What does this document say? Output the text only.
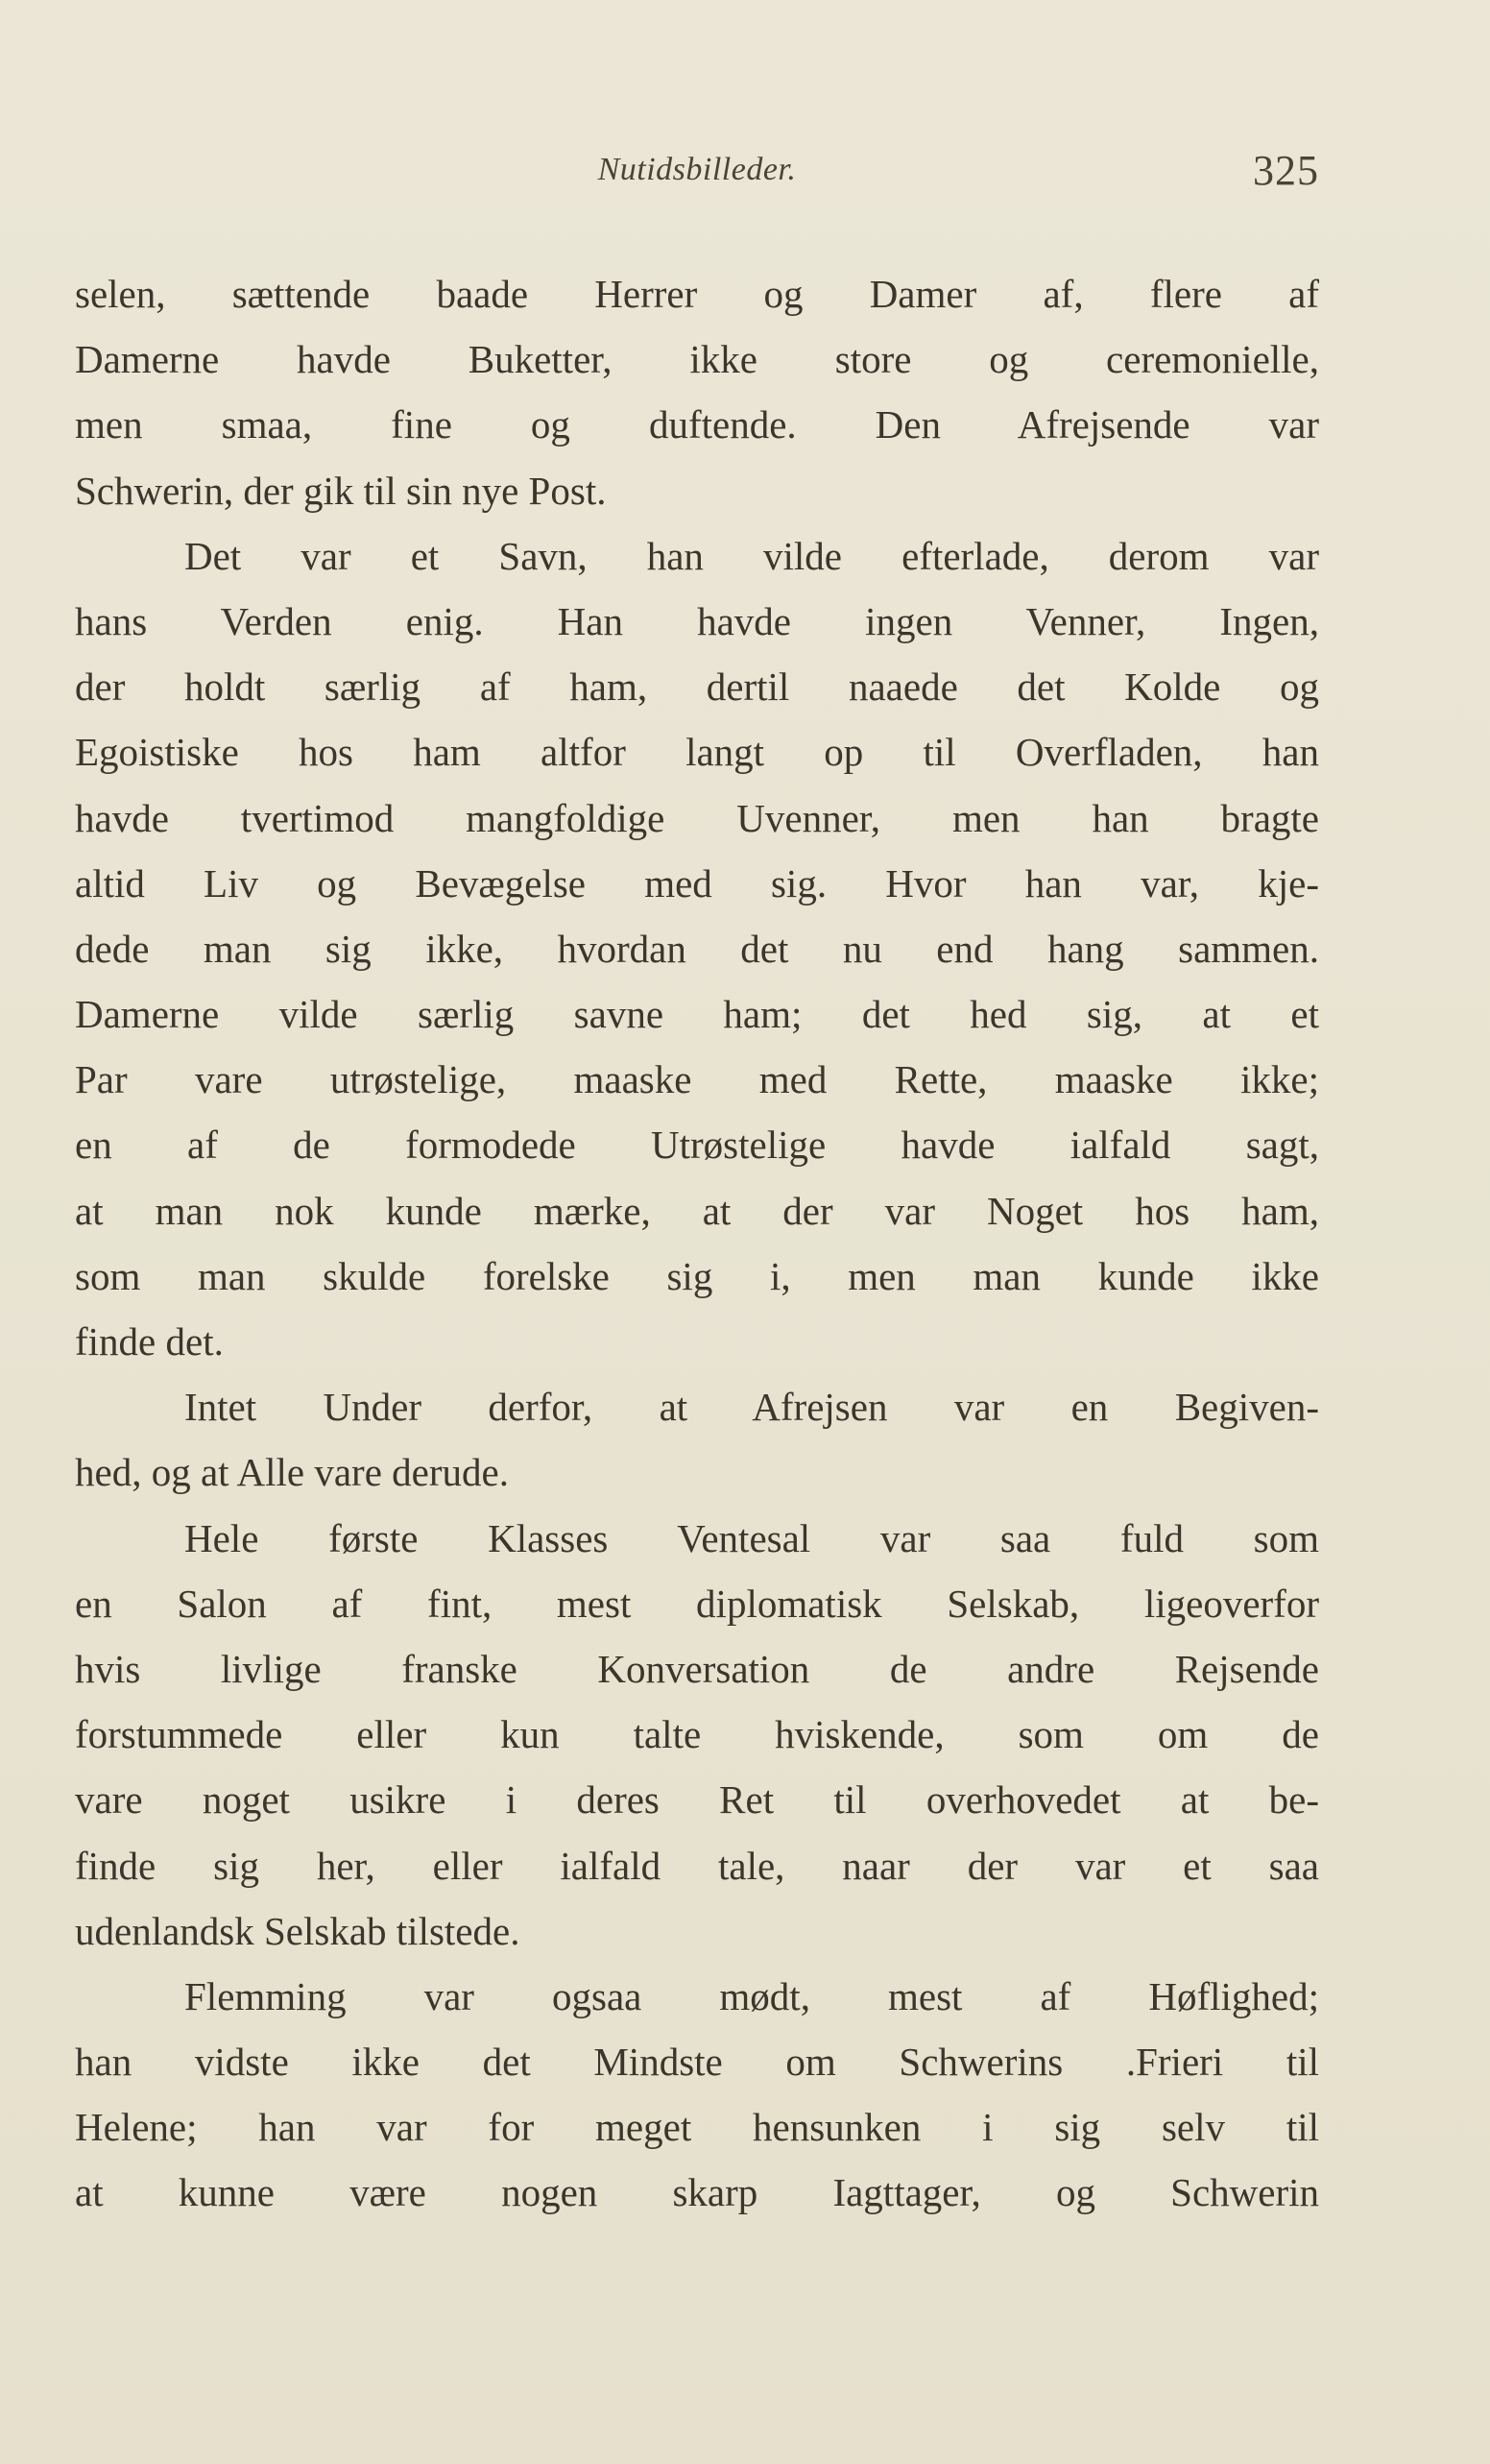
Nutidsbilleder.	325
selen, sættende baade Herrer og Damer af, flere af
Damerne havde Buketter, ikke store og ceremonielle,
men smaa, fine og duftende. Den Afrejsende var
Schwerin, der gik til sin nye Post.
Det var et Savn, han vilde efterlade, derom var
hans Verden enig. Han havde ingen Venner, Ingen,
der holdt særlig af ham, dertil naaede det Kolde og
Egoistiske hos ham altfor langt op til Overfladen, han
havde tvertimod mangfoldige Uvenner, men han bragte
altid Liv og Bevægelse med sig. Hvor han var, kje-
dede man sig ikke, hvordan det nu end hang sammen.
Damerne vilde særlig savne ham; det hed sig, at et
Par vare utrøstelige, maaske med Rette, maaske ikke;
en af de formodede Utrøstelige havde ialfald sagt,
at man nok kunde mærke, at der var Noget hos ham,
som man skulde forelske sig i, men man kunde ikke
finde det.
Intet Under derfor, at Afrejsen var en Begiven-
hed, og at Alle vare derude.
Hele første Klasses Ventesal var saa fuld som
en Salon af fint, mest diplomatisk Selskab, ligeoverfor
hvis livlige franske Konversation de andre Rejsende
forstummede eller kun talte hviskende, som om de
vare noget usikre i deres Ret til overhovedet at be-
finde sig her, eller ialfald tale, naar der var et saa
udenlandsk Selskab tilstede.
Flemming var ogsaa mødt, mest af Høflighed;
han vidste ikke det Mindste om Schwerins .Frieri til
Helene; han var for meget hensunken i sig selv til
at kunne være nogen skarp Iagttager, og Schwerin
